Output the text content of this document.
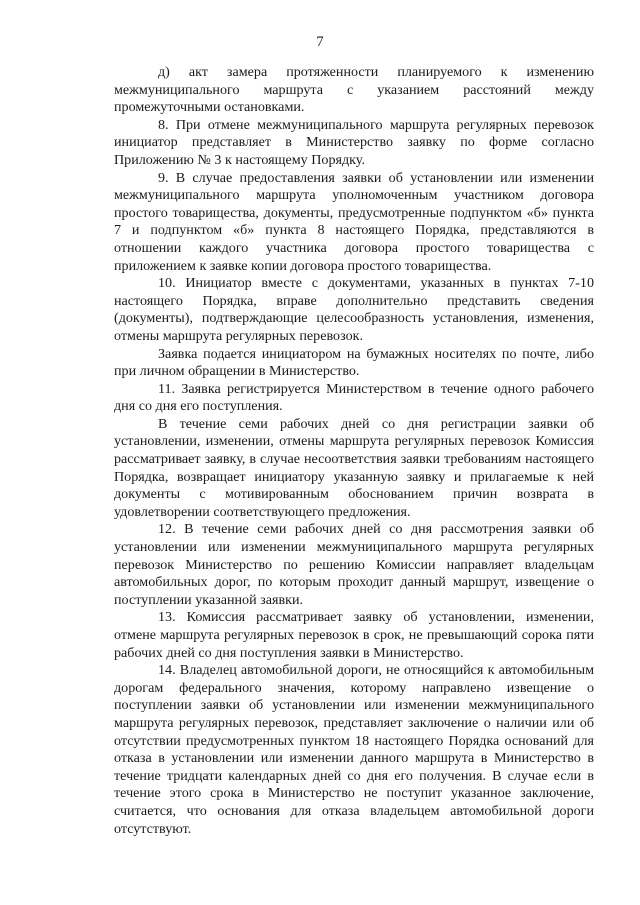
7

д) акт замера протяженности планируемого к изменению межмуниципального маршрута с указанием расстояний между промежуточными остановками.

8. При отмене межмуниципального маршрута регулярных перевозок инициатор представляет в Министерство заявку по форме согласно Приложению № 3 к настоящему Порядку.

9. В случае предоставления заявки об установлении или изменении межмуниципального маршрута уполномоченным участником договора простого товарищества, документы, предусмотренные подпунктом «б» пункта 7 и подпунктом «б» пункта 8 настоящего Порядка, представляются в отношении каждого участника договора простого товарищества с приложением к заявке копии договора простого товарищества.

10. Инициатор вместе с документами, указанных в пунктах 7-10 настоящего Порядка, вправе дополнительно представить сведения (документы), подтверждающие целесообразность установления, изменения, отмены маршрута регулярных перевозок.

Заявка подается инициатором на бумажных носителях по почте, либо при личном обращении в Министерство.

11. Заявка регистрируется Министерством в течение одного рабочего дня со дня его поступления.

В течение семи рабочих дней со дня регистрации заявки об установлении, изменении, отмены маршрута регулярных перевозок Комиссия рассматривает заявку, в случае несоответствия заявки требованиям настоящего Порядка, возвращает инициатору указанную заявку и прилагаемые к ней документы с мотивированным обоснованием причин возврата в удовлетворении соответствующего предложения.

12. В течение семи рабочих дней со дня рассмотрения заявки об установлении или изменении межмуниципального маршрута регулярных перевозок Министерство по решению Комиссии направляет владельцам автомобильных дорог, по которым проходит данный маршрут, извещение о поступлении указанной заявки.

13. Комиссия рассматривает заявку об установлении, изменении, отмене маршрута регулярных перевозок в срок, не превышающий сорока пяти рабочих дней со дня поступления заявки в Министерство.

14. Владелец автомобильной дороги, не относящийся к автомобильным дорогам федерального значения, которому направлено извещение о поступлении заявки об установлении или изменении межмуниципального маршрута регулярных перевозок, представляет заключение о наличии или об отсутствии предусмотренных пунктом 18 настоящего Порядка оснований для отказа в установлении или изменении данного маршрута в Министерство в течение тридцати календарных дней со дня его получения. В случае если в течение этого срока в Министерство не поступит указанное заключение, считается, что основания для отказа владельцем автомобильной дороги отсутствуют.
